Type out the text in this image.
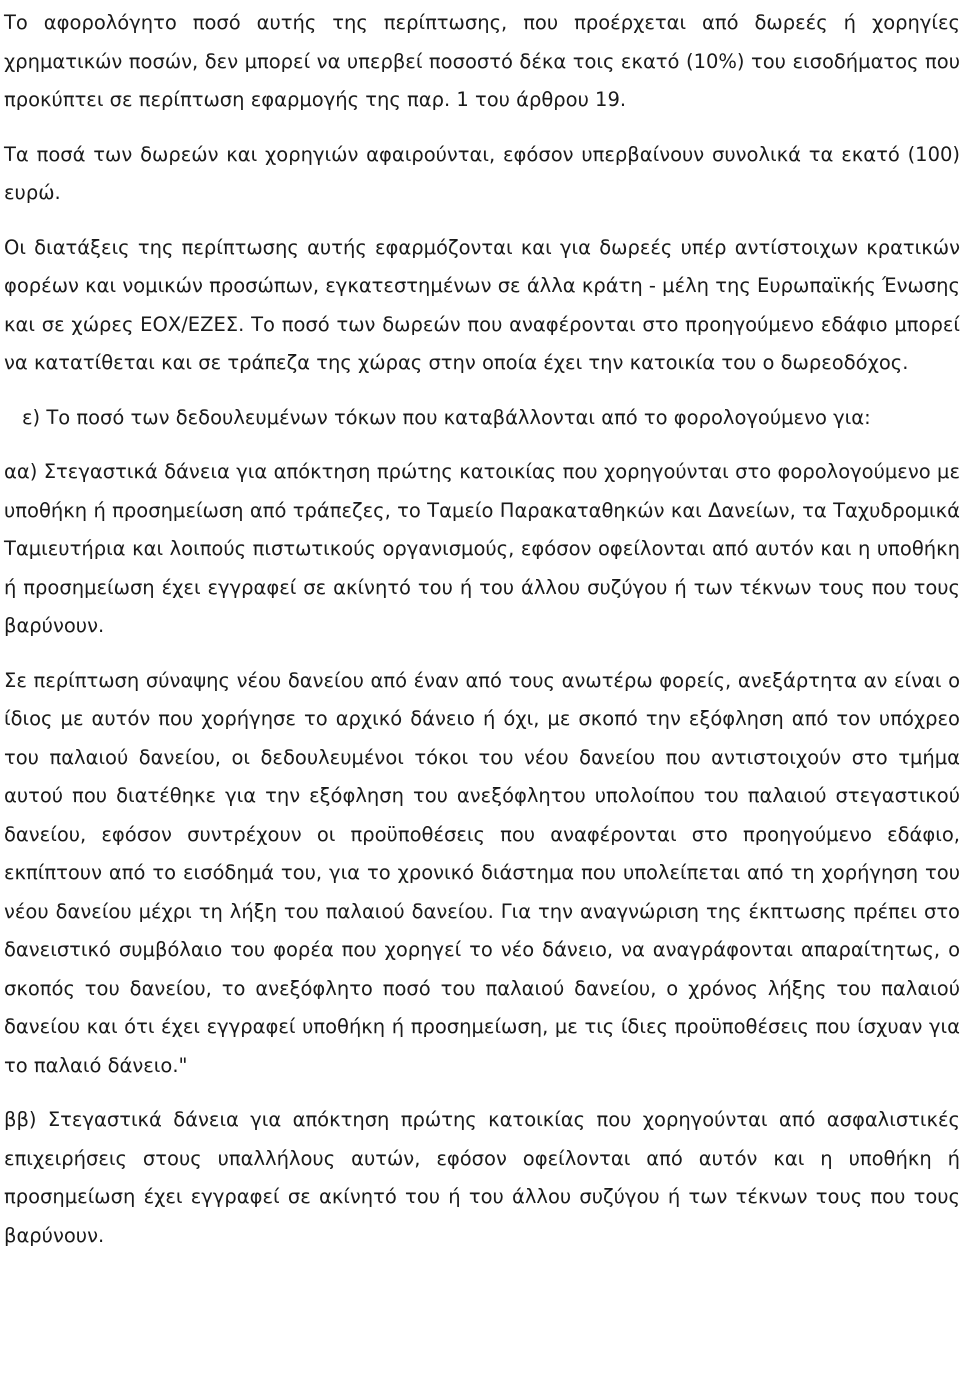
Το αφορολόγητο ποσό αυτής της περίπτωσης, που προέρχεται από δωρεές ή χορηγίες χρηματικών ποσών, δεν μπορεί να υπερβεί ποσοστό δέκα τοις εκατό (10%) του εισοδήματος που προκύπτει σε περίπτωση εφαρμογής της παρ. 1 του άρθρου 19.

Τα ποσά των δωρεών και χορηγιών αφαιρούνται, εφόσον υπερβαίνουν συνολικά τα εκατό (100) ευρώ.

Οι διατάξεις της περίπτωσης αυτής εφαρμόζονται και για δωρεές υπέρ αντίστοιχων κρατικών φορέων και νομικών προσώπων, εγκατεστημένων σε άλλα κράτη - μέλη της Ευρωπαϊκής Ένωσης και σε χώρες ΕΟΧ/ΕΖΕΣ. Το ποσό των δωρεών που αναφέρονται στο προηγούμενο εδάφιο μπορεί να κατατίθεται και σε τράπεζα της χώρας στην οποία έχει την κατοικία του ο δωρεοδόχος.

ε) Το ποσό των δεδουλευμένων τόκων που καταβάλλονται από το φορολογούμενο για:

αα) Στεγαστικά δάνεια για απόκτηση πρώτης κατοικίας που χορηγούνται στο φορολογούμενο με υποθήκη ή προσημείωση από τράπεζες, το Ταμείο Παρακαταθηκών και Δανείων, τα Ταχυδρομικά Ταμιευτήρια και λοιπούς πιστωτικούς οργανισμούς, εφόσον οφείλονται από αυτόν και η υποθήκη ή προσημείωση έχει εγγραφεί σε ακίνητό του ή του άλλου συζύγου ή των τέκνων τους που τους βαρύνουν.

Σε περίπτωση σύναψης νέου δανείου από έναν από τους ανωτέρω φορείς, ανεξάρτητα αν είναι ο ίδιος με αυτόν που χορήγησε το αρχικό δάνειο ή όχι, με σκοπό την εξόφληση από τον υπόχρεο του παλαιού δανείου, οι δεδουλευμένοι τόκοι του νέου δανείου που αντιστοιχούν στο τμήμα αυτού που διατέθηκε για την εξόφληση του ανεξόφλητου υπολοίπου του παλαιού στεγαστικού δανείου, εφόσον συντρέχουν οι προϋποθέσεις που αναφέρονται στο προηγούμενο εδάφιο, εκπίπτουν από το εισόδημά του, για το χρονικό διάστημα που υπολείπεται από τη χορήγηση του νέου δανείου μέχρι τη λήξη του παλαιού δανείου. Για την αναγνώριση της έκπτωσης πρέπει στο δανειστικό συμβόλαιο του φορέα που χορηγεί το νέο δάνειο, να αναγράφονται απαραίτητως, ο σκοπός του δανείου, το ανεξόφλητο ποσό του παλαιού δανείου, ο χρόνος λήξης του παλαιού δανείου και ότι έχει εγγραφεί υποθήκη ή προσημείωση, με τις ίδιες προϋποθέσεις που ίσχυαν για το παλαιό δάνειο."

ββ) Στεγαστικά δάνεια για απόκτηση πρώτης κατοικίας που χορηγούνται από ασφαλιστικές επιχειρήσεις στους υπαλλήλους αυτών, εφόσον οφείλονται από αυτόν και η υποθήκη ή προσημείωση έχει εγγραφεί σε ακίνητό του ή του άλλου συζύγου ή των τέκνων τους που τους βαρύνουν.
